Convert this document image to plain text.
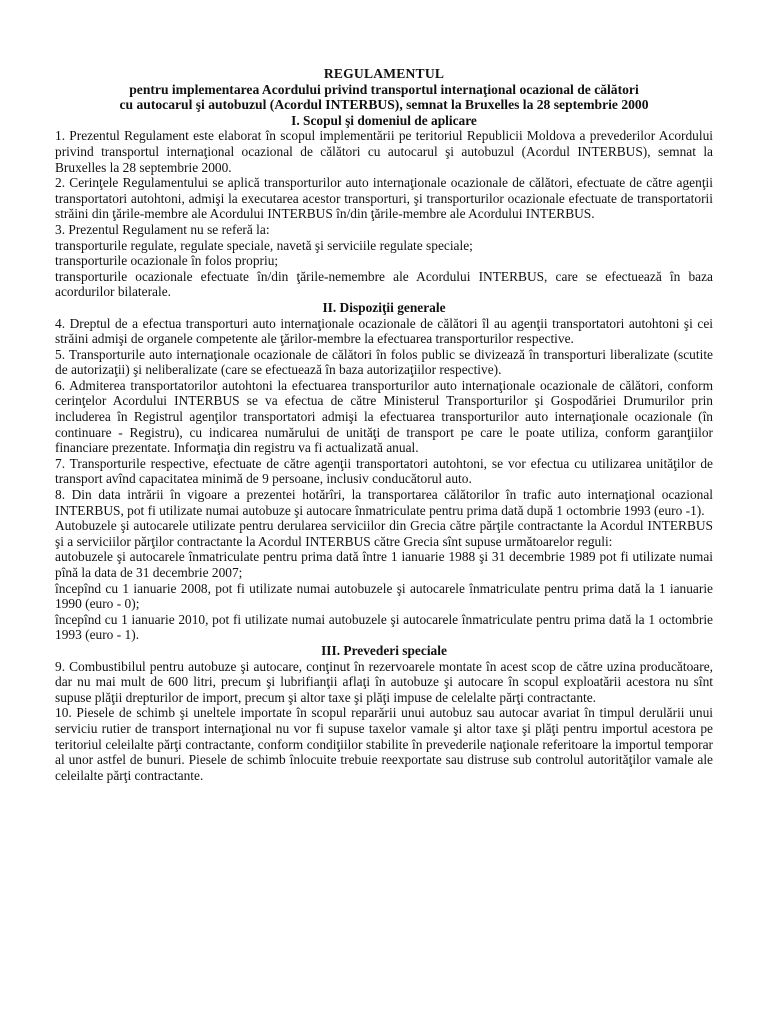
REGULAMENTUL
pentru implementarea Acordului privind transportul internaţional ocazional de călători
cu autocarul şi autobuzul (Acordul INTERBUS), semnat la Bruxelles la 28 septembrie 2000
I. Scopul şi domeniul de aplicare

1. Prezentul Regulament este elaborat în scopul implementării pe teritoriul Republicii Moldova a prevederilor Acordului privind transportul internaţional ocazional de călători cu autocarul şi autobuzul (Acordul INTERBUS), semnat la Bruxelles la 28 septembrie 2000.

2. Cerinţele Regulamentului se aplică transporturilor auto internaţionale ocazionale de călători, efectuate de către agenţii transportatori autohtoni, admişi la executarea acestor transporturi, şi transporturilor ocazionale efectuate de transportatorii străini din ţările-membre ale Acordului INTERBUS în/din ţările-membre ale Acordului INTERBUS.

3. Prezentul Regulament nu se referă la:

transporturile regulate, regulate speciale, navetă şi serviciile regulate speciale;

transporturile ocazionale în folos propriu;

transporturile ocazionale efectuate în/din ţările-nemembre ale Acordului INTERBUS, care se efectuează în baza acordurilor bilaterale.

II. Dispoziţii generale

4. Dreptul de a efectua transporturi auto internaţionale ocazionale de călători îl au agenţii transportatori autohtoni şi cei străini admişi de organele competente ale ţărilor-membre la efectuarea transporturilor respective.

5. Transporturile auto internaţionale ocazionale de călători în folos public se divizează în transporturi liberalizate (scutite de autorizaţii) şi neliberalizate (care se efectuează în baza autorizaţiilor respective).

6. Admiterea transportatorilor autohtoni la efectuarea transporturilor auto internaţionale ocazionale de călători, conform cerinţelor Acordului INTERBUS se va efectua de către Ministerul Transporturilor şi Gospodăriei Drumurilor prin includerea în Registrul agenţilor transportatori admişi la efectuarea transporturilor auto internaţionale ocazionale (în continuare - Registru), cu indicarea numărului de unităţi de transport pe care le poate utiliza, conform garanţiilor financiare prezentate. Informaţia din registru va fi actualizată anual.

7. Transporturile respective, efectuate de către agenţii transportatori autohtoni, se vor efectua cu utilizarea unităţilor de transport avînd capacitatea minimă de 9 persoane, inclusiv conducătorul auto.

8. Din data intrării în vigoare a prezentei hotărîri, la transportarea călătorilor în trafic auto internaţional ocazional INTERBUS, pot fi utilizate numai autobuze şi autocare înmatriculate pentru prima dată după 1 octombrie 1993 (euro -1).

Autobuzele şi autocarele utilizate pentru derularea serviciilor din Grecia către părţile contractante la Acordul INTERBUS şi a serviciilor părţilor contractante la Acordul INTERBUS către Grecia sînt supuse următoarelor reguli:

autobuzele şi autocarele înmatriculate pentru prima dată între 1 ianuarie 1988 şi 31 decembrie 1989 pot fi utilizate numai pînă la data de 31 decembrie 2007;

începînd cu 1 ianuarie 2008, pot fi utilizate numai autobuzele şi autocarele înmatriculate pentru prima dată la 1 ianuarie 1990 (euro - 0);

începînd cu 1 ianuarie 2010, pot fi utilizate numai autobuzele şi autocarele înmatriculate pentru prima dată la 1 octombrie 1993 (euro - 1).

III. Prevederi speciale

9. Combustibilul pentru autobuze şi autocare, conţinut în rezervoarele montate în acest scop de către uzina producătoare, dar nu mai mult de 600 litri, precum şi lubrifianţii aflaţi în autobuze şi autocare în scopul exploatării acestora nu sînt supuse plăţii drepturilor de import, precum şi altor taxe şi plăţi impuse de celelalte părţi contractante.

10. Piesele de schimb şi uneltele importate în scopul reparării unui autobuz sau autocar avariat în timpul derulării unui serviciu rutier de transport internaţional nu vor fi supuse taxelor vamale şi altor taxe şi plăţi pentru importul acestora pe teritoriul celeilalte părţi contractante, conform condiţiilor stabilite în prevederile naţionale referitoare la importul temporar al unor astfel de bunuri. Piesele de schimb înlocuite trebuie reexportate sau distruse sub controlul autorităţilor vamale ale celeilalte părţi contractante.
